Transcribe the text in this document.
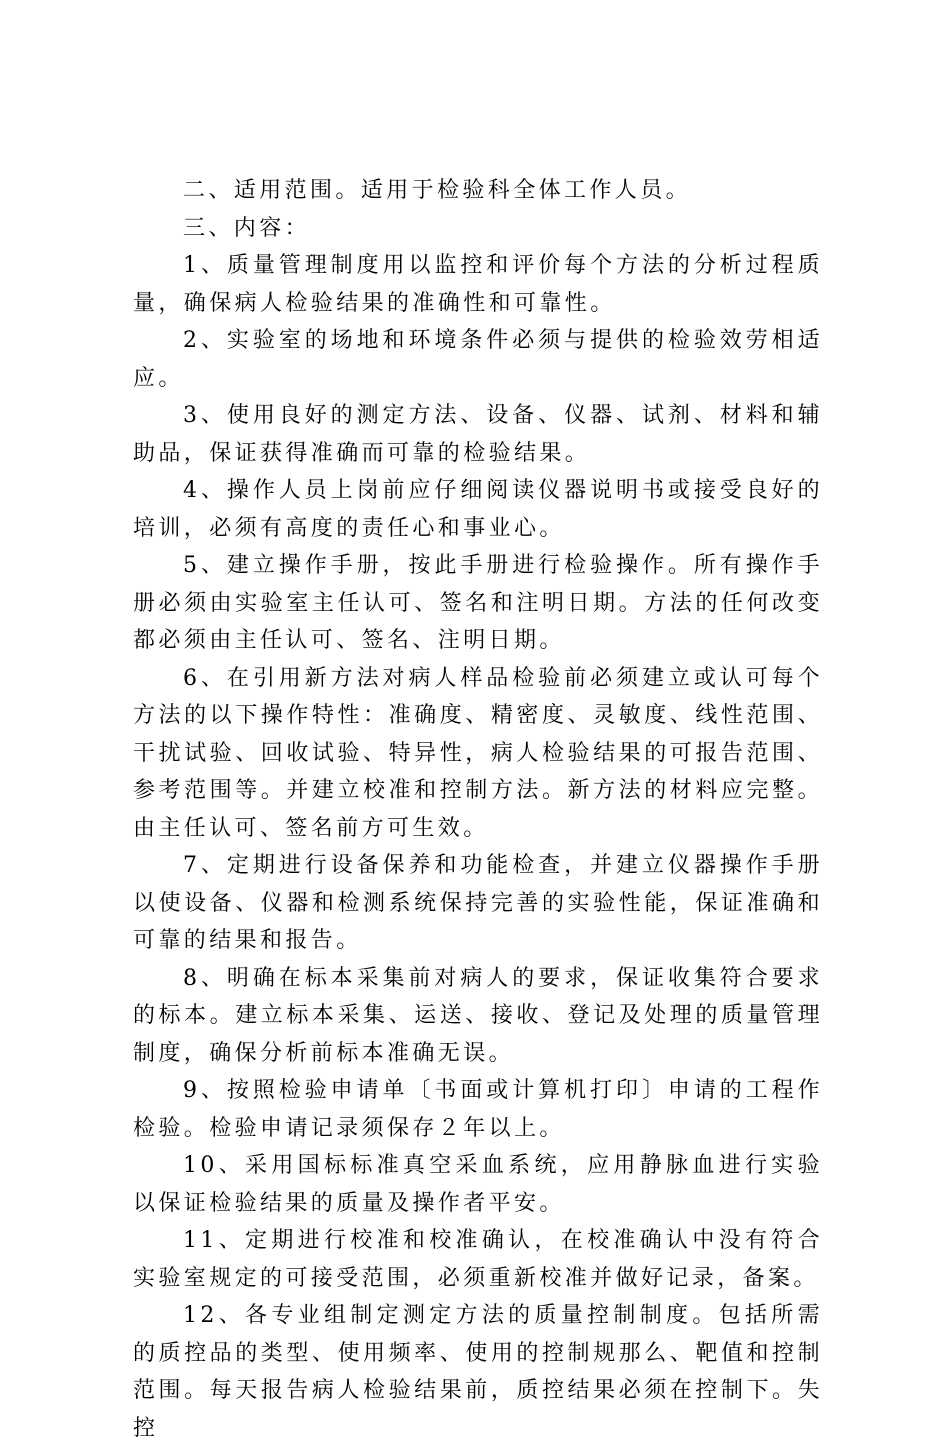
二、适用范围。适用于检验科全体工作人员。

三、内容：

1、质量管理制度用以监控和评价每个方法的分析过程质量，确保病人检验结果的准确性和可靠性。

2、实验室的场地和环境条件必须与提供的检验效劳相适应。

3、使用良好的测定方法、设备、仪器、试剂、材料和辅助品，保证获得准确而可靠的检验结果。

4、操作人员上岗前应仔细阅读仪器说明书或接受良好的培训，必须有高度的责任心和事业心。

5、建立操作手册，按此手册进行检验操作。所有操作手册必须由实验室主任认可、签名和注明日期。方法的任何改变都必须由主任认可、签名、注明日期。

6、在引用新方法对病人样品检验前必须建立或认可每个方法的以下操作特性：准确度、精密度、灵敏度、线性范围、干扰试验、回收试验、特异性，病人检验结果的可报告范围、参考范围等。并建立校准和控制方法。新方法的材料应完整。由主任认可、签名前方可生效。

7、定期进行设备保养和功能检查，并建立仪器操作手册以使设备、仪器和检测系统保持完善的实验性能，保证准确和可靠的结果和报告。

8、明确在标本采集前对病人的要求，保证收集符合要求的标本。建立标本采集、运送、接收、登记及处理的质量管理制度，确保分析前标本准确无误。

9、按照检验申请单〔书面或计算机打印〕申请的工程作检验。检验申请记录须保存２年以上。

10、采用国标标准真空采血系统，应用静脉血进行实验以保证检验结果的质量及操作者平安。

11、定期进行校准和校准确认，在校准确认中没有符合实验室规定的可接受范围，必须重新校准并做好记录，备案。

12、各专业组制定测定方法的质量控制制度。包括所需的质控品的类型、使用频率、使用的控制规那么、靶值和控制范围。每天报告病人检验结果前，质控结果必须在控制下。失控
